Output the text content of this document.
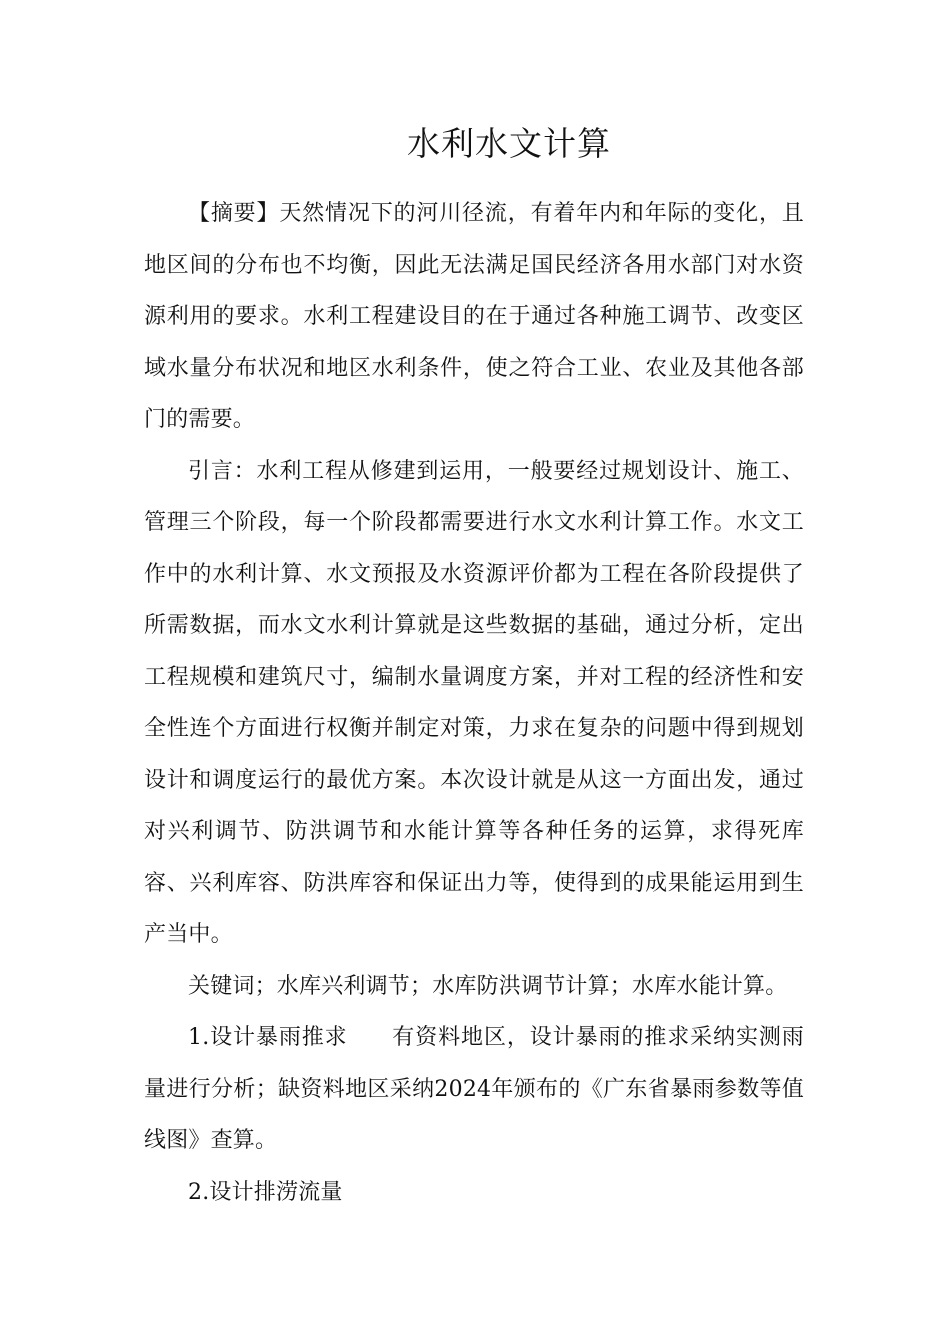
水利水文计算

【摘要】天然情况下的河川径流，有着年内和年际的变化，且地区间的分布也不均衡，因此无法满足国民经济各用水部门对水资源利用的要求。水利工程建设目的在于通过各种施工调节、改变区域水量分布状况和地区水利条件，使之符合工业、农业及其他各部门的需要。

引言：水利工程从修建到运用，一般要经过规划设计、施工、管理三个阶段，每一个阶段都需要进行水文水利计算工作。水文工作中的水利计算、水文预报及水资源评价都为工程在各阶段提供了所需数据，而水文水利计算就是这些数据的基础，通过分析，定出工程规模和建筑尺寸，编制水量调度方案，并对工程的经济性和安全性连个方面进行权衡并制定对策，力求在复杂的问题中得到规划设计和调度运行的最优方案。本次设计就是从这一方面出发，通过对兴利调节、防洪调节和水能计算等各种任务的运算，求得死库容、兴利库容、防洪库容和保证出力等，使得到的成果能运用到生产当中。

关键词；水库兴利调节；水库防洪调节计算；水库水能计算。

1.设计暴雨推求 有资料地区，设计暴雨的推求采纳实测雨量进行分析；缺资料地区采纳2024年颁布的《广东省暴雨参数等值线图》查算。

2.设计排涝流量
